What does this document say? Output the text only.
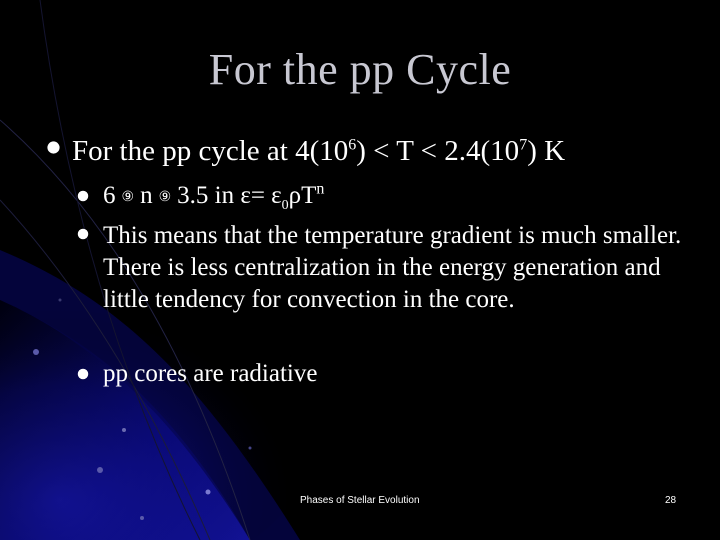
For the pp Cycle
For the pp cycle at $4(10^6) < T < 2.4(10^7)$ K
6 ⑨ n ⑨ 3.5 in $\varepsilon= \varepsilon_0\rho T^n$
This means that the temperature gradient is much smaller. There is less centralization in the energy generation and little tendency for convection in the core.
pp cores are radiative
Phases of Stellar Evolution	28
